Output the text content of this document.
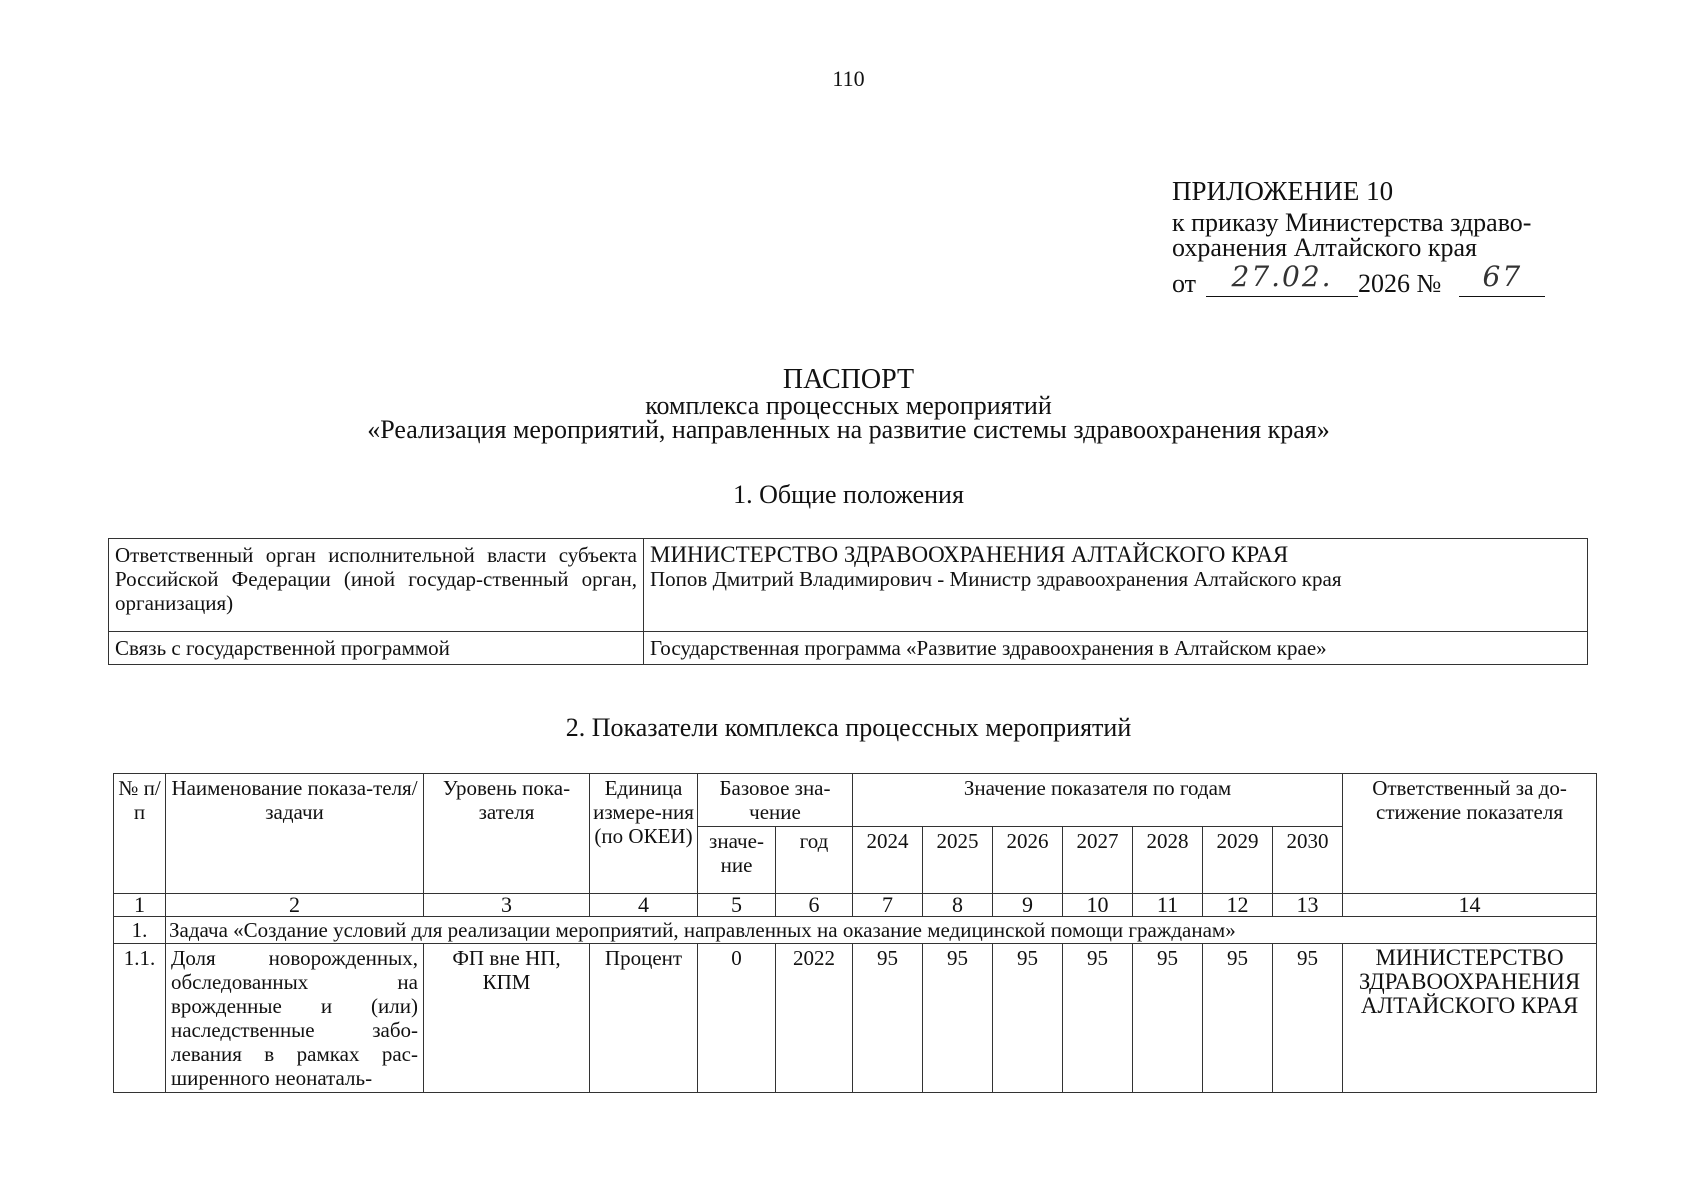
110
ПРИЛОЖЕНИЕ 10
к приказу Министерства здраво-
охранения Алтайского края
от	27.02. 2026 №	67
ПАСПОРТ
комплекса процессных мероприятий
«Реализация мероприятий, направленных на развитие системы здравоохранения края»
1. Общие положения
Ответственный орган исполнительной власти субъекта Российской Федерации (иной государ-ственный орган, организация)	МИНИСТЕРСТВО ЗДРАВООХРАНЕНИЯ АЛТАЙСКОГО КРАЯ
Попов Дмитрий Владимирович - Министр здравоохранения Алтайского края

Связь с государственной программой	Государственная программа «Развитие здравоохранения в Алтайском крае»
2. Показатели комплекса процессных мероприятий
№ п/п	Наименование показа-теля/задачи	Уровень пока-зателя	Единица измере-ния (по ОКЕИ)	Базовое зна-чение		Значение показателя по годам							Ответственный за до-стижение показателя
				значе-ние	год	2024	2025	2026	2027	2028	2029	2030	
1	2	3	4	5	6	7	8	9	10	11	12	13	14
1.	Задача «Создание условий для реализации мероприятий, направленных на оказание медицинской помощи гражданам»												
1.1.	Доля новорожденных, обследованных на врожденные и (или) наследственные забо-левания в рамках рас-ширенного неонаталь-	ФП вне НП, КПМ	Процент	0	2022	95	95	95	95	95	95	95	МИНИСТЕРСТВО ЗДРАВООХРАНЕНИЯ АЛТАЙСКОГО КРАЯ
